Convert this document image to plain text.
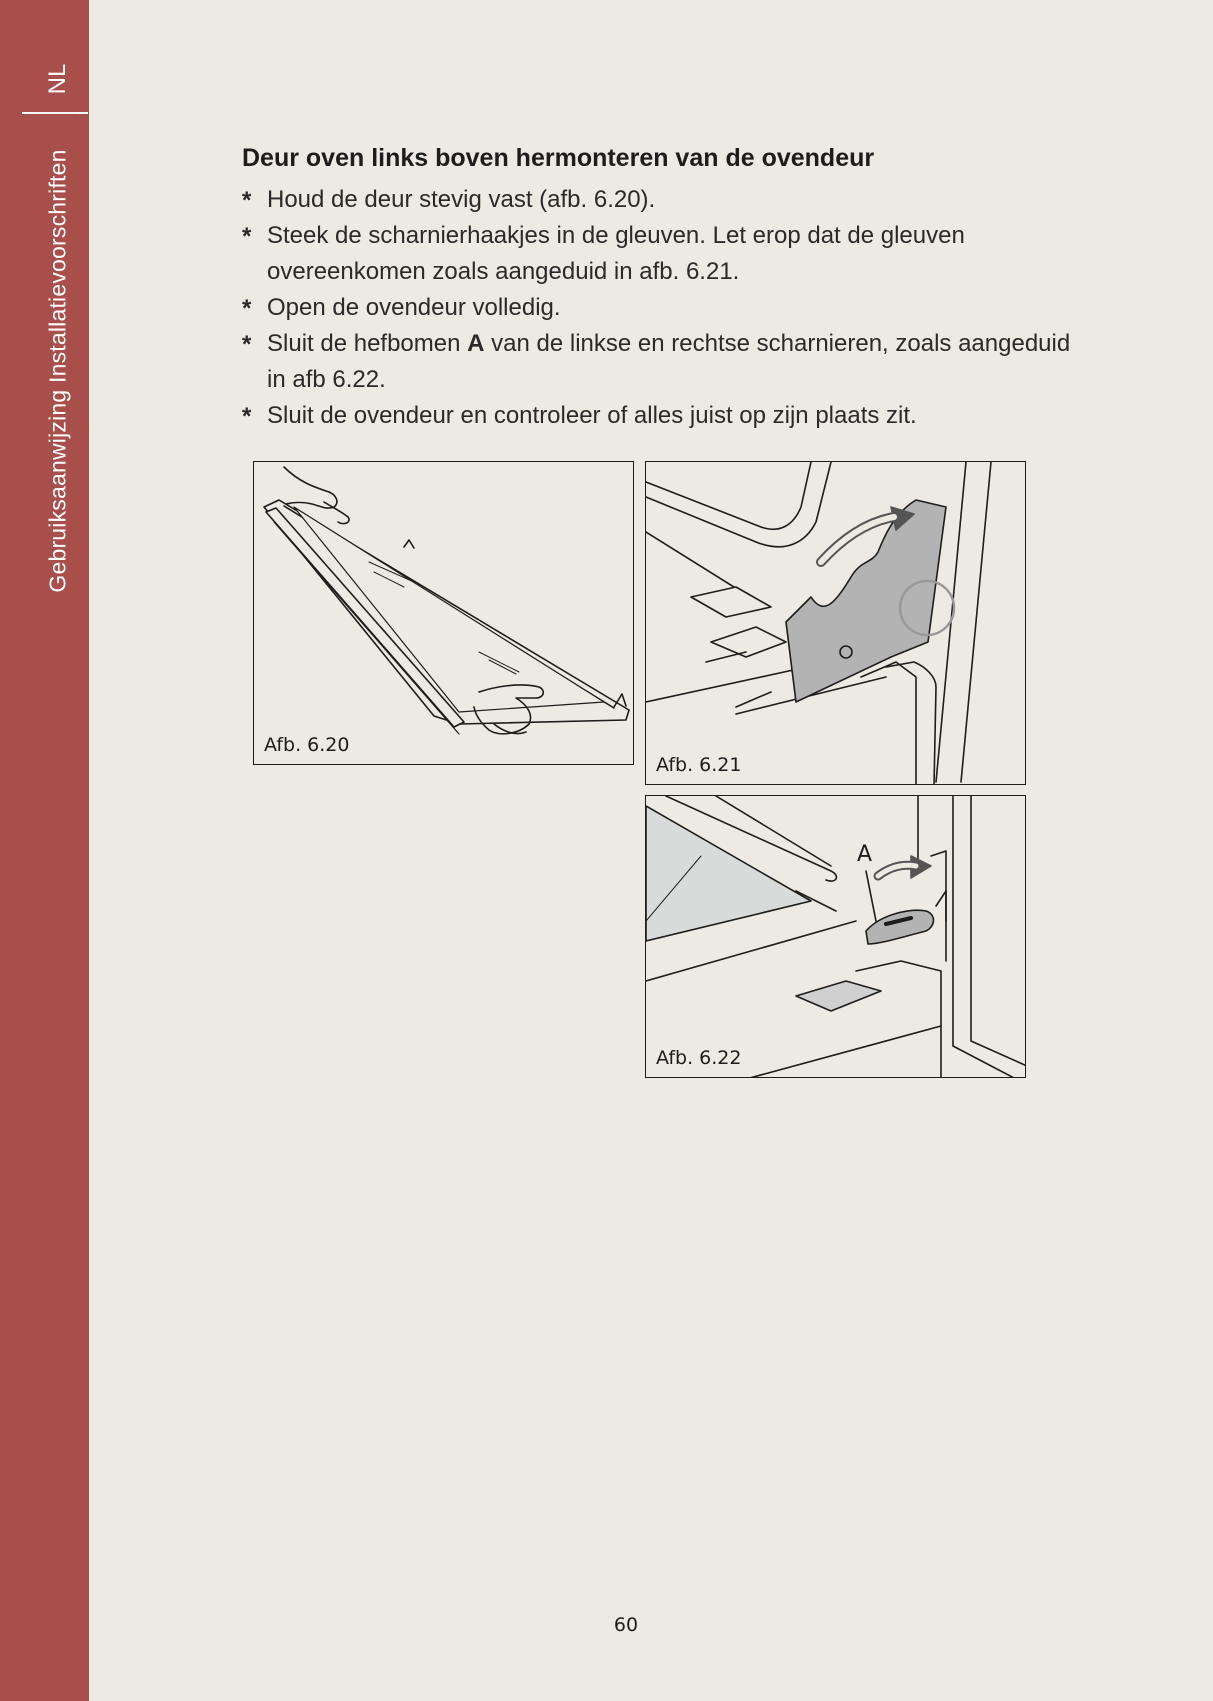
NL
Gebruiksaanwijzing Installatievoorschriften	Deur oven links boven hermonteren van de ovendeur
* Houd de deur stevig vast (afb. 6.20).
* Steek de scharnierhaakjes in de gleuven. Let erop dat de gleuven overeenkomen zoals aangeduid in afb. 6.21.
* Open de ovendeur volledig.
* Sluit de hefbomen A van de linkse en rechtse scharnieren, zoals aangeduid in afb 6.22.
* Sluit de ovendeur en controleer of alles juist op zijn plaats zit.
Afb. 6.20
Afb. 6.21
A
Afb. 6.22
60
